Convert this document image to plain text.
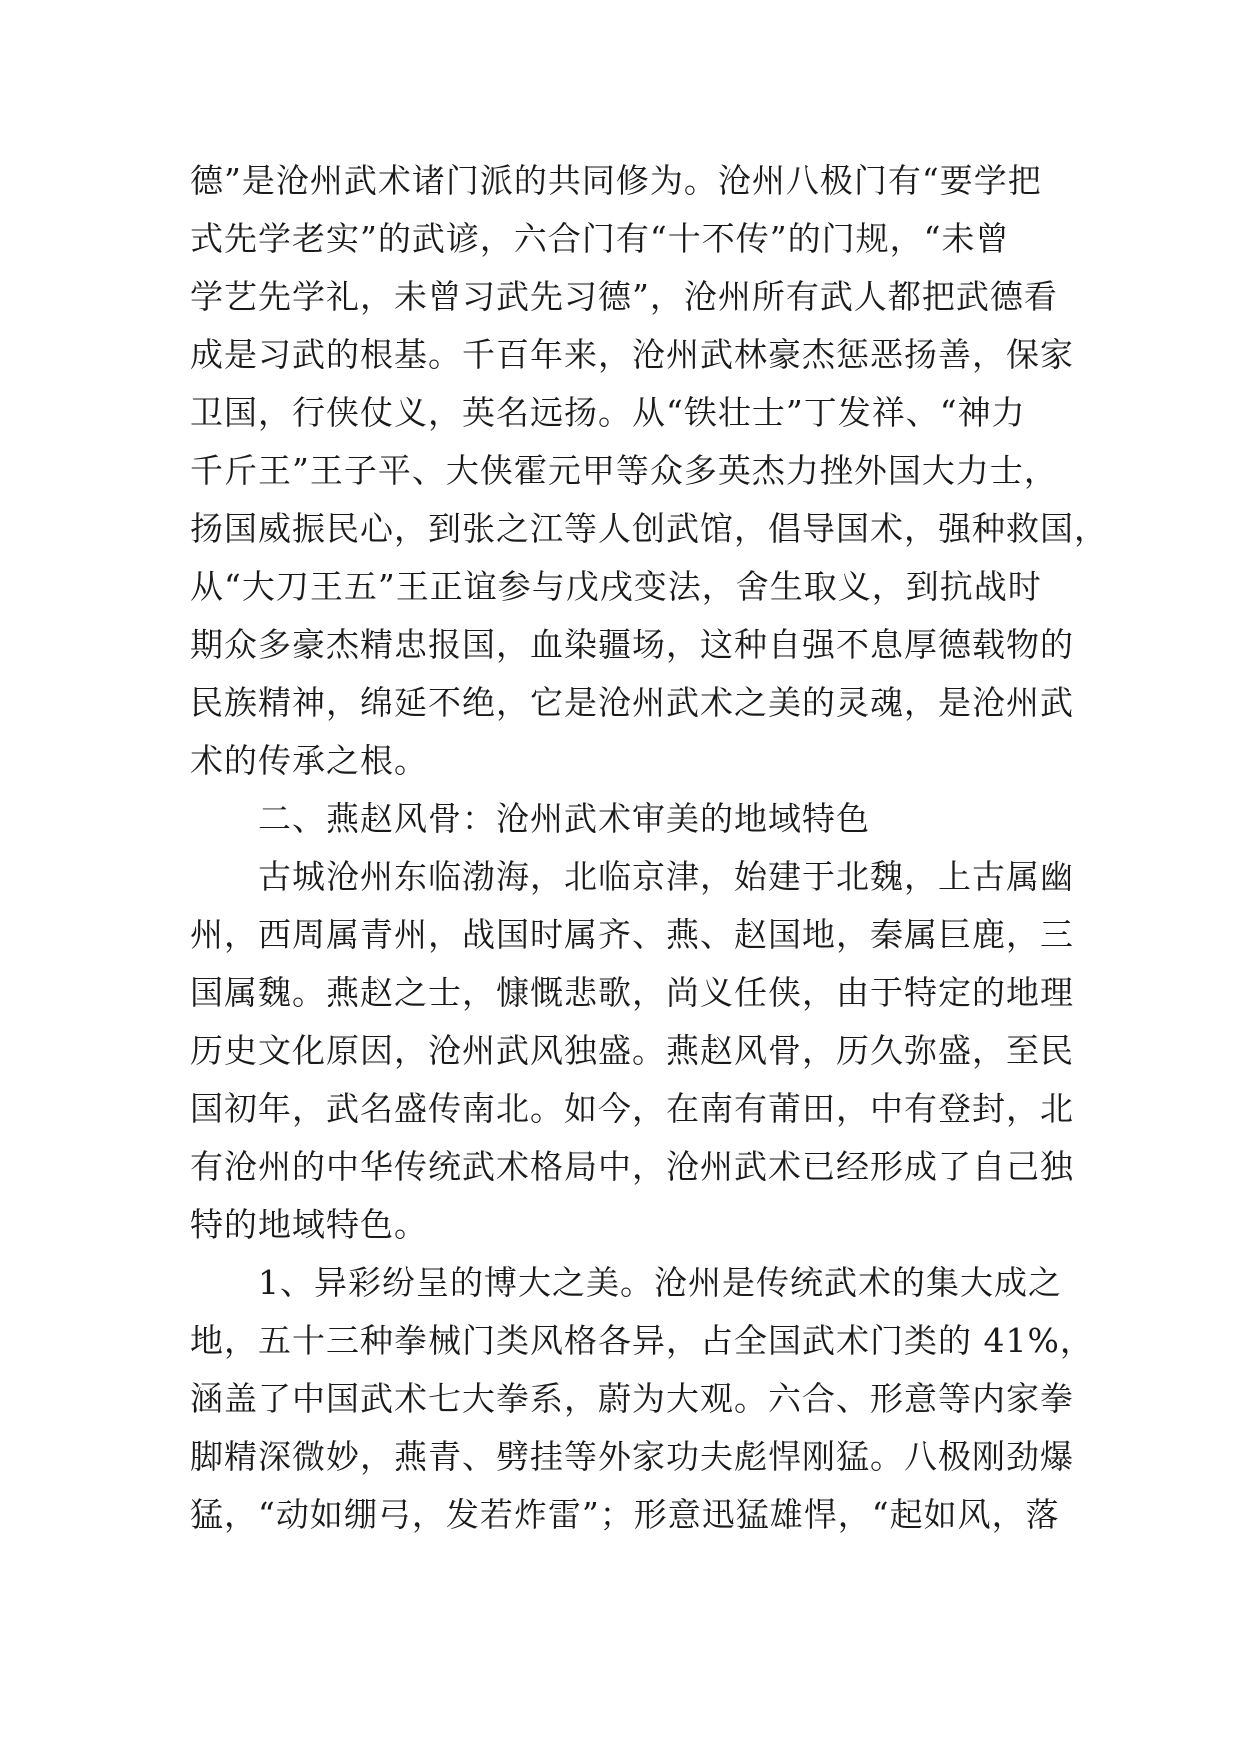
德”是沧州武术诸门派的共同修为。沧州八极门有“要学把
式先学老实”的武谚，六合门有“十不传”的门规，“未曾
学艺先学礼，未曾习武先习德”，沧州所有武人都把武德看
成是习武的根基。千百年来，沧州武林豪杰惩恶扬善，保家
卫国，行侠仗义，英名远扬。从“铁壮士”丁发祥、“神力
千斤王”王子平、大侠霍元甲等众多英杰力挫外国大力士，
扬国威振民心，到张之江等人创武馆，倡导国术，强种救国，
从“大刀王五”王正谊参与戊戌变法，舍生取义，到抗战时
期众多豪杰精忠报国，血染疆场，这种自强不息厚德载物的
民族精神，绵延不绝，它是沧州武术之美的灵魂，是沧州武
术的传承之根。
二、燕赵风骨：沧州武术审美的地域特色
古城沧州东临渤海，北临京津，始建于北魏，上古属幽
州，西周属青州，战国时属齐、燕、赵国地，秦属巨鹿，三
国属魏。燕赵之士，慷慨悲歌，尚义任侠，由于特定的地理
历史文化原因，沧州武风独盛。燕赵风骨，历久弥盛，至民
国初年，武名盛传南北。如今，在南有莆田，中有登封，北
有沧州的中华传统武术格局中，沧州武术已经形成了自己独
特的地域特色。
1、异彩纷呈的博大之美。沧州是传统武术的集大成之
地，五十三种拳械门类风格各异，占全国武术门类的 41%，
涵盖了中国武术七大拳系，蔚为大观。六合、形意等内家拳
脚精深微妙，燕青、劈挂等外家功夫彪悍刚猛。八极刚劲爆
猛，“动如绷弓，发若炸雷”；形意迅猛雄悍，“起如风，落
